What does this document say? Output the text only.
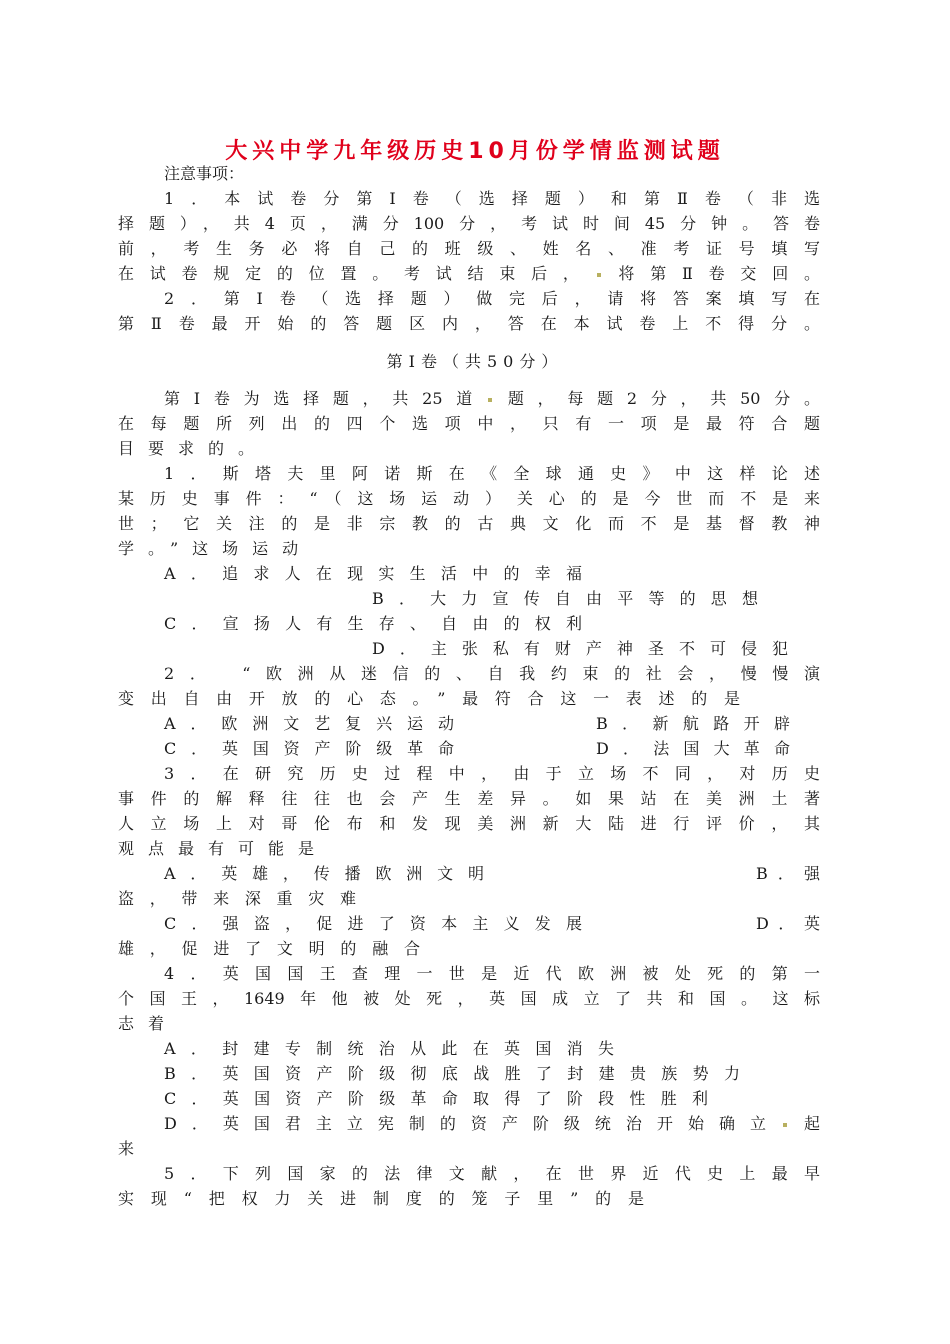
大兴中学九年级历史10月份学情监测试题
注意事项：
1．本试卷分第Ⅰ卷（选择题）和第Ⅱ卷（非选
择题），共4页，满分100分，考试时间45分钟。答卷
前，考生务必将自己的班级、姓名、准考证号填写
在试卷规定的位置。考试结束后， 将第Ⅱ卷交回。
2．第Ⅰ卷（选择题）做完后，请将答案填写在
第Ⅱ卷最开始的答题区内，答在本试卷上不得分。
第Ⅰ卷（共50分）
第Ⅰ卷为选择题，共25道 题，每题2分，共50分。
在每题所列出的四个选项中，只有一项是最符合题
目要求的。
1．斯塔夫里阿诺斯在《全球通史》中这样论述
某历史事件：“（这场运动）关心的是今世而不是来
世；它关注的是非宗教的古典文化而不是基督教神
学。”这场运动
A．追求人在现实生活中的幸福
B．大力宣传自由平等的思想
C．宣扬人有生存、自由的权利
D．主张私有财产神圣不可侵犯
2． “欧洲从迷信的、自我约束的社会，慢慢演
变出自由开放的心态。”最符合这一表述的是
A．欧洲文艺复兴运动	B．新航路开辟
C．英国资产阶级革命	D．法国大革命
3．在研究历史过程中，由于立场不同，对历史
事件的解释往往也会产生差异。如果站在美洲土著
人立场上对哥伦布和发现美洲新大陆进行评价，其
观点最有可能是
A．英雄，传播欧洲文明	B．强
盗，带来深重灾难
C．强盗，促进了资本主义发展	D．英
雄，促进了文明的融合
4．英国国王查理一世是近代欧洲被处死的第一
个国王，1649年他被处死，英国成立了共和国。这标
志着
A．封建专制统治从此在英国消失
B．英国资产阶级彻底战胜了封建贵族势力
C．英国资产阶级革命取得了阶段性胜利
D．英国君主立宪制的资产阶级统治开始确立 起
来
5．下列国家的法律文献，在世界近代史上最早
实现“把权力关进制度的笼子里”的是
